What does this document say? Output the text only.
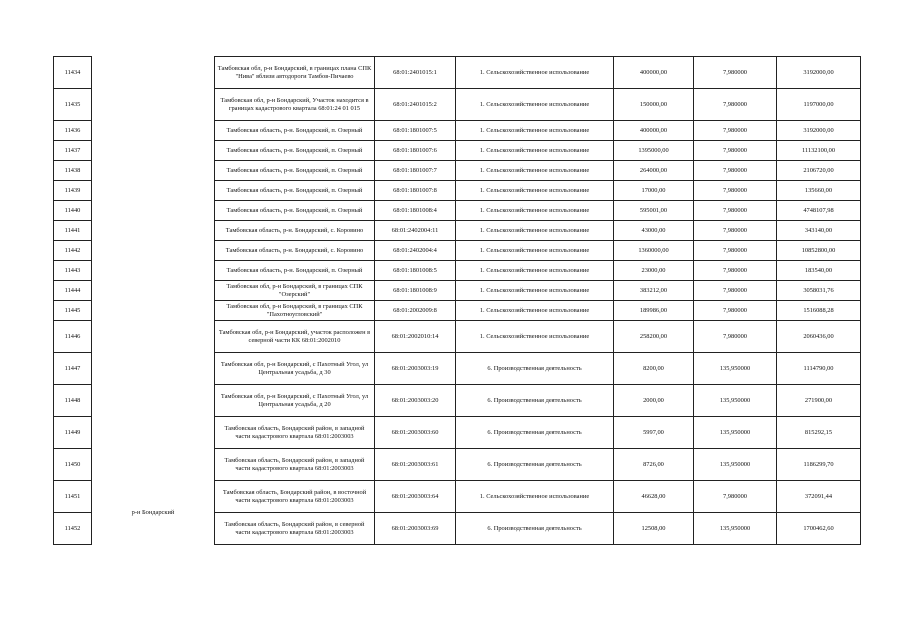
11434	р-н Бондарский	Тамбовская обл, р-н Бондарский, в границах плана СПК "Нива" вблизи автодороги Тамбов-Пичаево	68:01:2401015:1	1. Сельскохозяйственное использование	400000,00	7,980000	3192000,00
11435		Тамбовская обл, р-н Бондарский, Участок находится в границах кадастрового квартала 68:01:24 01 015	68:01:2401015:2	1. Сельскохозяйственное использование	150000,00	7,980000	1197000,00
11436		Тамбовская область, р-н. Бондарский, п. Озерный	68:01:1801007:5	1. Сельскохозяйственное использование	400000,00	7,980000	3192000,00
11437		Тамбовская область, р-н. Бондарский, п. Озерный	68:01:1801007:6	1. Сельскохозяйственное использование	1395000,00	7,980000	11132100,00
11438		Тамбовская область, р-н. Бондарский, п. Озерный	68:01:1801007:7	1. Сельскохозяйственное использование	264000,00	7,980000	2106720,00
11439		Тамбовская область, р-н. Бондарский, п. Озерный	68:01:1801007:8	1. Сельскохозяйственное использование	17000,00	7,980000	135660,00
11440		Тамбовская область, р-н. Бондарский, п. Озерный	68:01:1801008:4	1. Сельскохозяйственное использование	595001,00	7,980000	4748107,98
11441		Тамбовская область, р-н. Бондарский, с. Коровино	68:01:2402004:11	1. Сельскохозяйственное использование	43000,00	7,980000	343140,00
11442		Тамбовская область, р-н. Бондарский, с. Коровино	68:01:2402004:4	1. Сельскохозяйственное использование	1360000,00	7,980000	10852800,00
11443		Тамбовская область, р-н. Бондарский, п. Озерный	68:01:1801008:5	1. Сельскохозяйственное использование	23000,00	7,980000	183540,00
11444		Тамбовская обл, р-н Бондарский, в границах СПК "Озерский"	68:01:1801008:9	1. Сельскохозяйственное использование	383212,00	7,980000	3058031,76
11445		Тамбовская обл, р-н Бондарский, в границах СПК "Пахотноугловский"	68:01:2002009:8	1. Сельскохозяйственное использование	189986,00	7,980000	1516088,28
11446		Тамбовская обл, р-н Бондарский, участок расположен в северной части КК 68:01:2002010	68:01:2002010:14	1. Сельскохозяйственное использование	258200,00	7,980000	2060436,00
11447		Тамбовская обл, р-н Бондарский, с Пахотный Угол, ул Центральная усадьба, д 30	68:01:2003003:19	6. Производственная деятельность	8200,00	135,950000	1114790,00
11448		Тамбовская обл, р-н Бондарский, с Пахотный Угол, ул Центральная усадьба, д 20	68:01:2003003:20	6. Производственная деятельность	2000,00	135,950000	271900,00
11449		Тамбовская область, Бондарский район, в западной части кадастрового квартала 68:01:2003003	68:01:2003003:60	6. Производственная деятельность	5997,00	135,950000	815292,15
11450		Тамбовская область, Бондарский район, в западной части кадастрового квартала 68:01:2003003	68:01:2003003:61	6. Производственная деятельность	8726,00	135,950000	1186299,70
11451		Тамбовская область, Бондарский район, в восточной части кадастрового квартала 68:01:2003003	68:01:2003003:64	1. Сельскохозяйственное использование	46628,00	7,980000	372091,44
11452		Тамбовская область, Бондарский район, в северной части кадастрового квартала 68:01:2003003	68:01:2003003:69	6. Производственная деятельность	12508,00	135,950000	1700462,60
